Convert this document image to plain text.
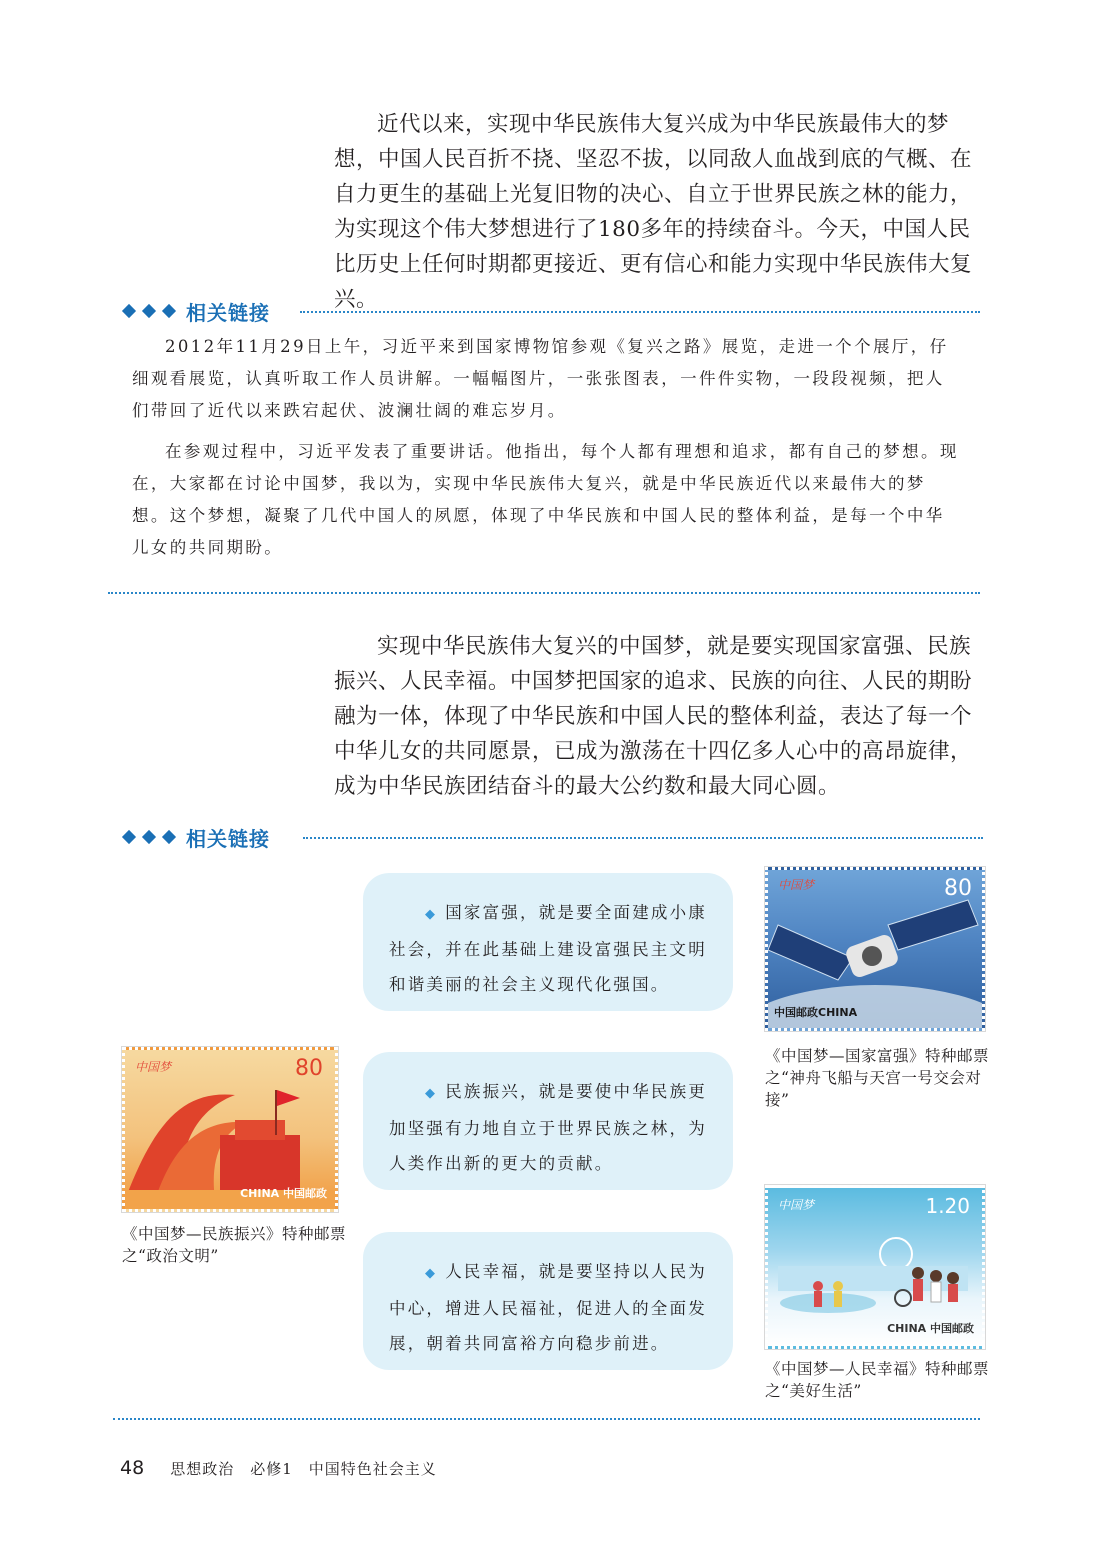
近代以来，实现中华民族伟大复兴成为中华民族最伟大的梦想，中国人民百折不挠、坚忍不拔，以同敌人血战到底的气概、在自力更生的基础上光复旧物的决心、自立于世界民族之林的能力，为实现这个伟大梦想进行了180多年的持续奋斗。今天，中国人民比历史上任何时期都更接近、更有信心和能力实现中华民族伟大复兴。

相关链接

2012年11月29日上午，习近平来到国家博物馆参观《复兴之路》展览，走进一个个展厅，仔细观看展览，认真听取工作人员讲解。一幅幅图片，一张张图表，一件件实物，一段段视频，把人们带回了近代以来跌宕起伏、波澜壮阔的难忘岁月。

在参观过程中，习近平发表了重要讲话。他指出，每个人都有理想和追求，都有自己的梦想。现在，大家都在讨论中国梦，我以为，实现中华民族伟大复兴，就是中华民族近代以来最伟大的梦想。这个梦想，凝聚了几代中国人的夙愿，体现了中华民族和中国人民的整体利益，是每一个中华儿女的共同期盼。

实现中华民族伟大复兴的中国梦，就是要实现国家富强、民族振兴、人民幸福。中国梦把国家的追求、民族的向往、人民的期盼融为一体，体现了中华民族和中国人民的整体利益，表达了每一个中华儿女的共同愿景，已成为激荡在十四亿多人心中的高昂旋律，成为中华民族团结奋斗的最大公约数和最大同心圆。

相关链接
◆ 国家富强，就是要全面建成小康社会，并在此基础上建设富强民主文明和谐美丽的社会主义现代化强国。
◆ 民族振兴，就是要使中华民族更加坚强有力地自立于世界民族之林，为人类作出新的更大的贡献。
◆ 人民幸福，就是要坚持以人民为中心，增进人民福祉，促进人的全面发展，朝着共同富裕方向稳步前进。
中国梦	80
中国邮政CHINA

《中国梦—国家富强》特种邮票之“神舟飞船与天宫一号交会对接”

中国梦	80
CHINA 中国邮政

《中国梦—民族振兴》特种邮票之“政治文明”

中国梦	1.20
CHINA 中国邮政

《中国梦—人民幸福》特种邮票之“美好生活”

48 思想政治　必修1　中国特色社会主义
